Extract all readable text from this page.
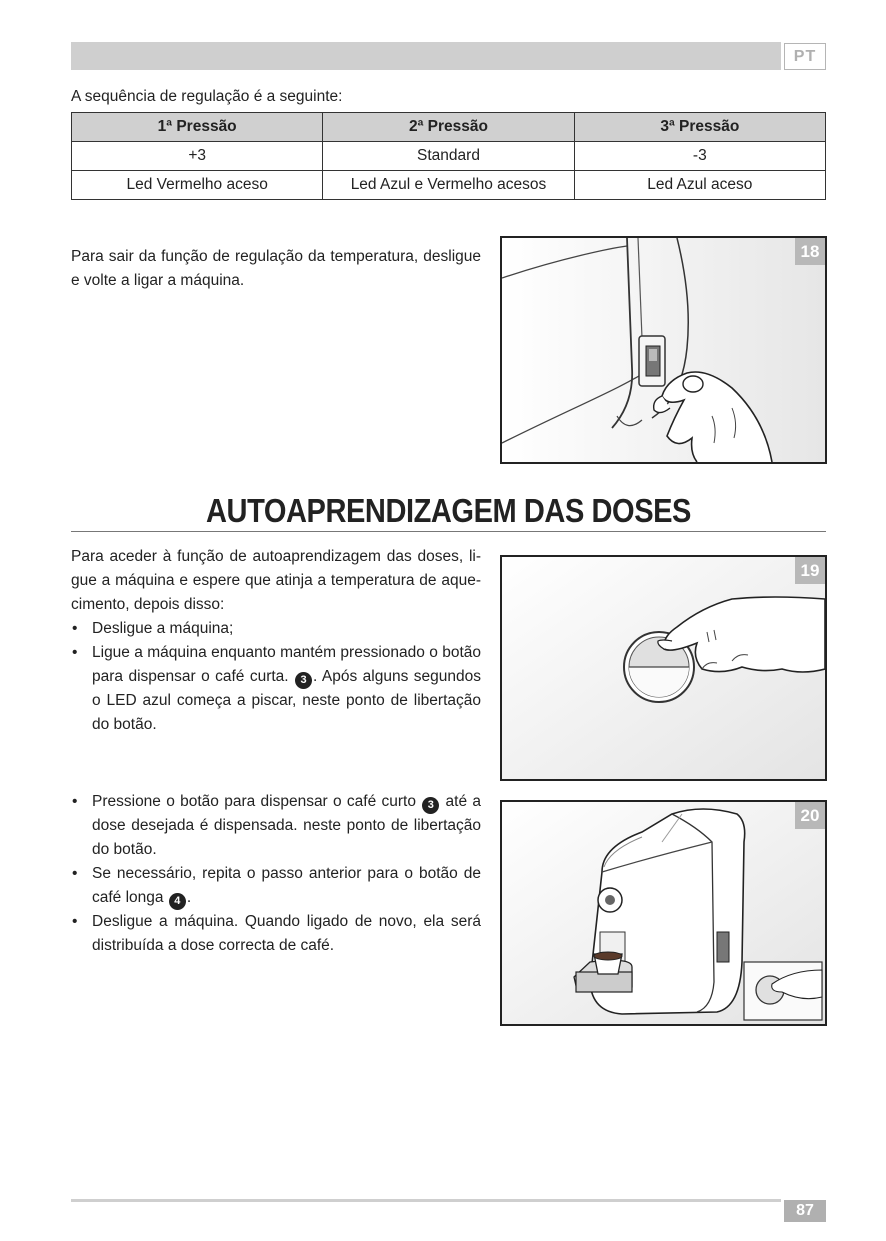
PT
A sequência de regulação é a seguinte:
1ª Pressão	2ª Pressão	3ª Pressão
+3	Standard	-3
Led Vermelho aceso	Led Azul e Vermelho acesos	Led Azul aceso
Para sair da função de regulação da temperatura, desligue e volte a ligar a máquina.
18
AUTOAPRENDIZAGEM DAS DOSES
Para aceder à função de autoaprendizagem das doses, li-gue a máquina e espere que atinja a temperatura de aque-cimento, depois disso:
• Desligue a máquina;
• Ligue a máquina enquanto mantém pressionado o botão para dispensar o café curta. 3 . Após alguns segundos o LED azul começa a piscar, neste ponto de libertação do botão.
19
• Pressione o botão para dispensar o café curto 3 até a dose desejada é dispensada. neste ponto de libertação do botão.
• Se necessário, repita o passo anterior para o botão de café longa 4 .
• Desligue a máquina. Quando ligado de novo, ela será distribuída a dose correcta de café.
20
87
